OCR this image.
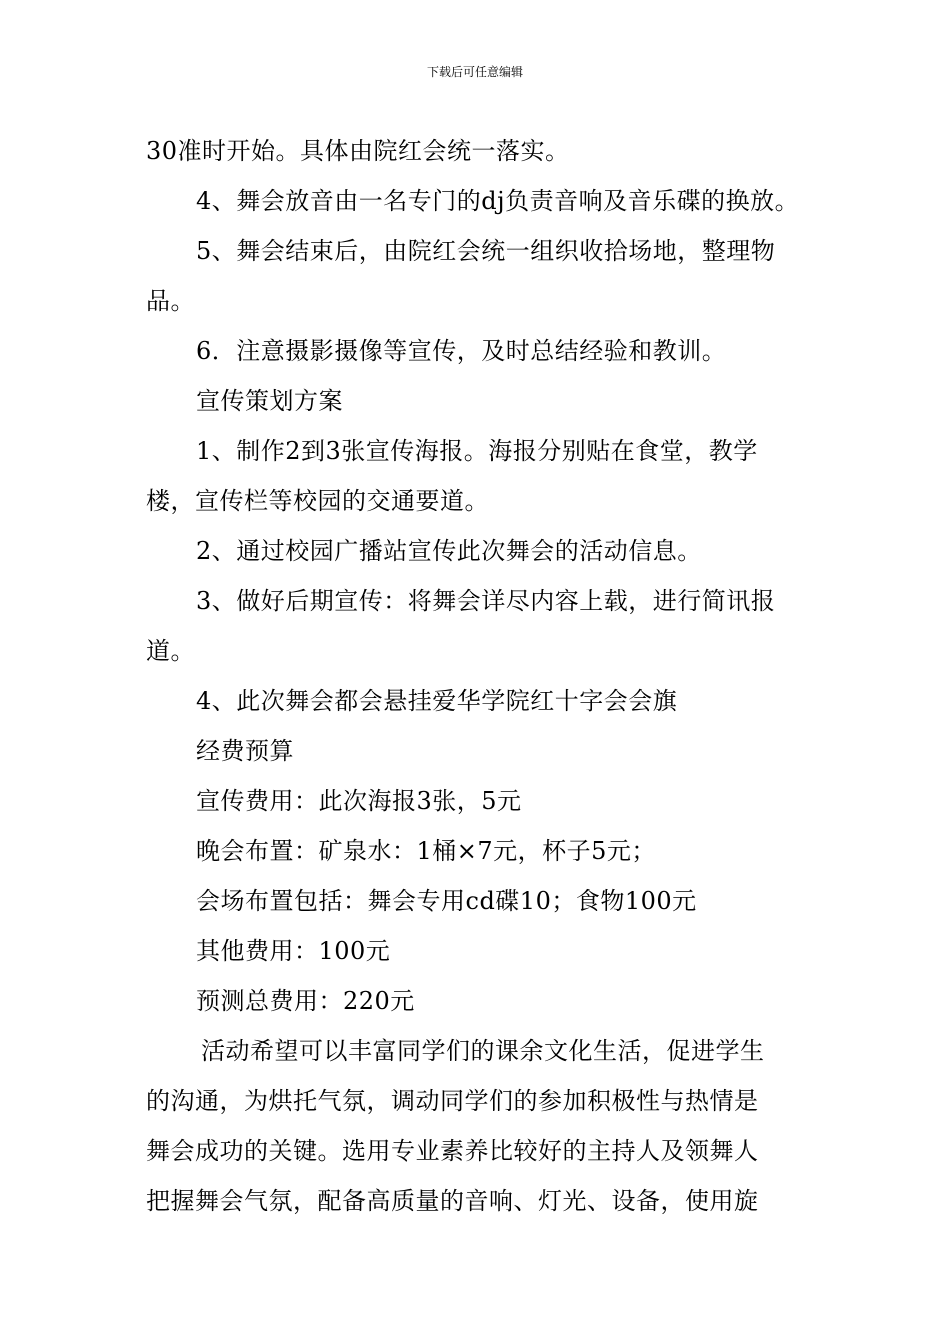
下载后可任意编辑
30准时开始。具体由院红会统一落实。
4、舞会放音由一名专门的dj负责音响及音乐碟的换放。
5、舞会结束后，由院红会统一组织收拾场地，整理物
品。
6．注意摄影摄像等宣传，及时总结经验和教训。
宣传策划方案
1、制作2到3张宣传海报。海报分别贴在食堂，教学
楼，宣传栏等校园的交通要道。
2、通过校园广播站宣传此次舞会的活动信息。
3、做好后期宣传：将舞会详尽内容上载，进行简讯报
道。
4、此次舞会都会悬挂爱华学院红十字会会旗
经费预算
宣传费用：此次海报3张，5元
晚会布置：矿泉水：1桶×7元，杯子5元；
会场布置包括：舞会专用cd碟10；食物100元
其他费用：100元
预测总费用：220元
活动希望可以丰富同学们的课余文化生活，促进学生
的沟通，为烘托气氛，调动同学们的参加积极性与热情是
舞会成功的关键。选用专业素养比较好的主持人及领舞人
把握舞会气氛，配备高质量的音响、灯光、设备，使用旋
